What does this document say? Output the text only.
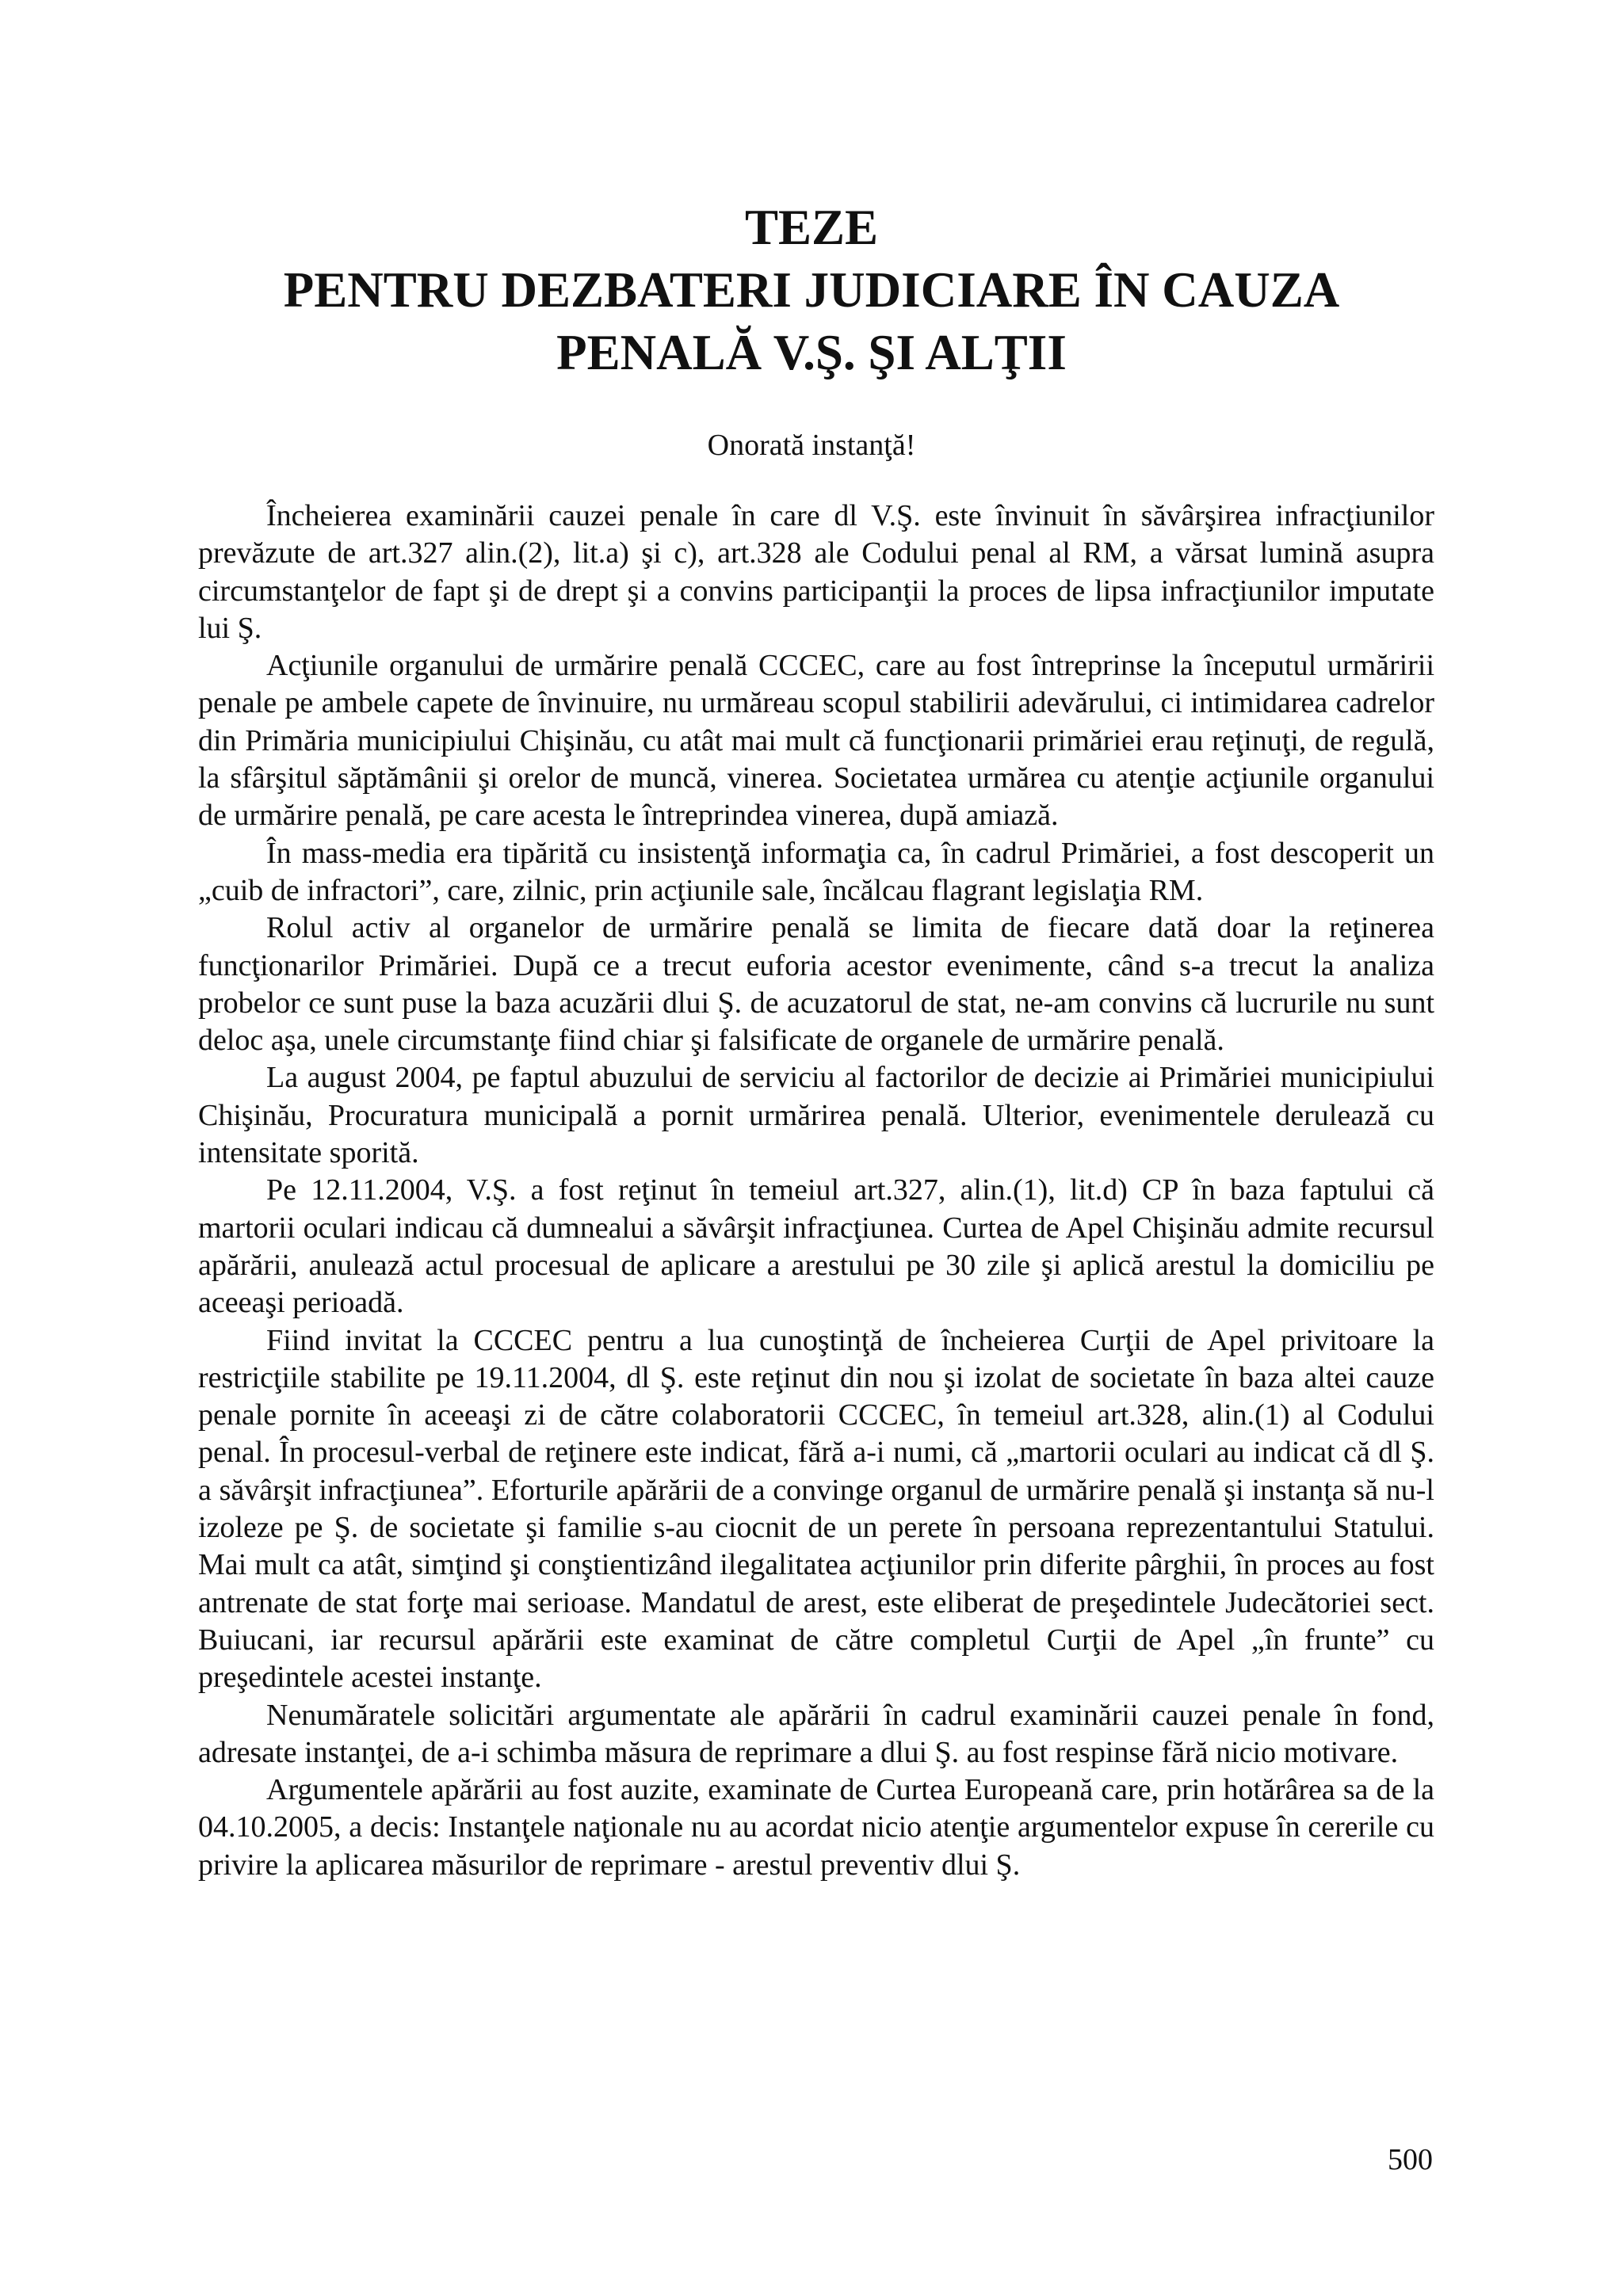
TEZE
PENTRU DEZBATERI JUDICIARE ÎN CAUZA
PENALĂ V.Ş. ŞI ALŢII

Onorată instanţă!

Încheierea examinării cauzei penale în care dl V.Ş. este învinuit în săvârşirea infracţiunilor prevăzute de art.327 alin.(2), lit.a) şi c), art.328 ale Codului penal al RM, a vărsat lumină asupra circumstanţelor de fapt şi de drept şi a convins participanţii la proces de lipsa infracţiunilor imputate lui Ş.

Acţiunile organului de urmărire penală CCCEC, care au fost întreprinse la începutul urmăririi penale pe ambele capete de învinuire, nu urmăreau scopul stabilirii adevărului, ci intimidarea cadrelor din Primăria municipiului Chişinău, cu atât mai mult că funcţionarii primăriei erau reţinuţi, de regulă, la sfârşitul săptămânii şi orelor de muncă, vinerea. Societatea urmărea cu atenţie acţiunile organului de urmărire penală, pe care acesta le întreprindea vinerea, după amiază.

În mass-media era tipărită cu insistenţă informaţia ca, în cadrul Primăriei, a fost descoperit un „cuib de infractori”, care, zilnic, prin acţiunile sale, încălcau flagrant legislaţia RM.

Rolul activ al organelor de urmărire penală se limita de fiecare dată doar la reţinerea funcţionarilor Primăriei. După ce a trecut euforia acestor evenimente, când s-a trecut la analiza probelor ce sunt puse la baza acuzării dlui Ş. de acuzatorul de stat, ne-am convins că lucrurile nu sunt deloc aşa, unele circumstanţe fiind chiar şi falsificate de organele de urmărire penală.

La august 2004, pe faptul abuzului de serviciu al factorilor de decizie ai Primăriei municipiului Chişinău, Procuratura municipală a pornit urmărirea penală. Ulterior, evenimentele derulează cu intensitate sporită.

Pe 12.11.2004, V.Ş. a fost reţinut în temeiul art.327, alin.(1), lit.d) CP în baza faptului că martorii oculari indicau că dumnealui a săvârşit infracţiunea. Curtea de Apel Chişinău admite recursul apărării, anulează actul procesual de aplicare a arestului pe 30 zile şi aplică arestul la domiciliu pe aceeaşi perioadă.

Fiind invitat la CCCEC pentru a lua cunoştinţă de încheierea Curţii de Apel privitoare la restricţiile stabilite pe 19.11.2004, dl Ş. este reţinut din nou şi izolat de societate în baza altei cauze penale pornite în aceeaşi zi de către colaboratorii CCCEC, în temeiul art.328, alin.(1) al Codului penal. În procesul-verbal de reţinere este indicat, fără a-i numi, că „martorii oculari au indicat că dl Ş. a săvârşit infracţiunea”. Eforturile apărării de a convinge organul de urmărire penală şi instanţa să nu-l izoleze pe Ş. de societate şi familie s-au ciocnit de un perete în persoana reprezentantului Statului. Mai mult ca atât, simţind şi conştientizând ilegalitatea acţiunilor prin diferite pârghii, în proces au fost antrenate de stat forţe mai serioase. Mandatul de arest, este eliberat de preşedintele Judecătoriei sect. Buiucani, iar recursul apărării este examinat de către completul Curţii de Apel „în frunte” cu preşedintele acestei instanţe.

Nenumăratele solicitări argumentate ale apărării în cadrul examinării cauzei penale în fond, adresate instanţei, de a-i schimba măsura de reprimare a dlui Ş. au fost respinse fără nicio motivare.

Argumentele apărării au fost auzite, examinate de Curtea Europeană care, prin hotărârea sa de la 04.10.2005, a decis: Instanţele naţionale nu au acordat nicio atenţie argumentelor expuse în cererile cu privire la aplicarea măsurilor de reprimare - arestul preventiv dlui Ş.

500
